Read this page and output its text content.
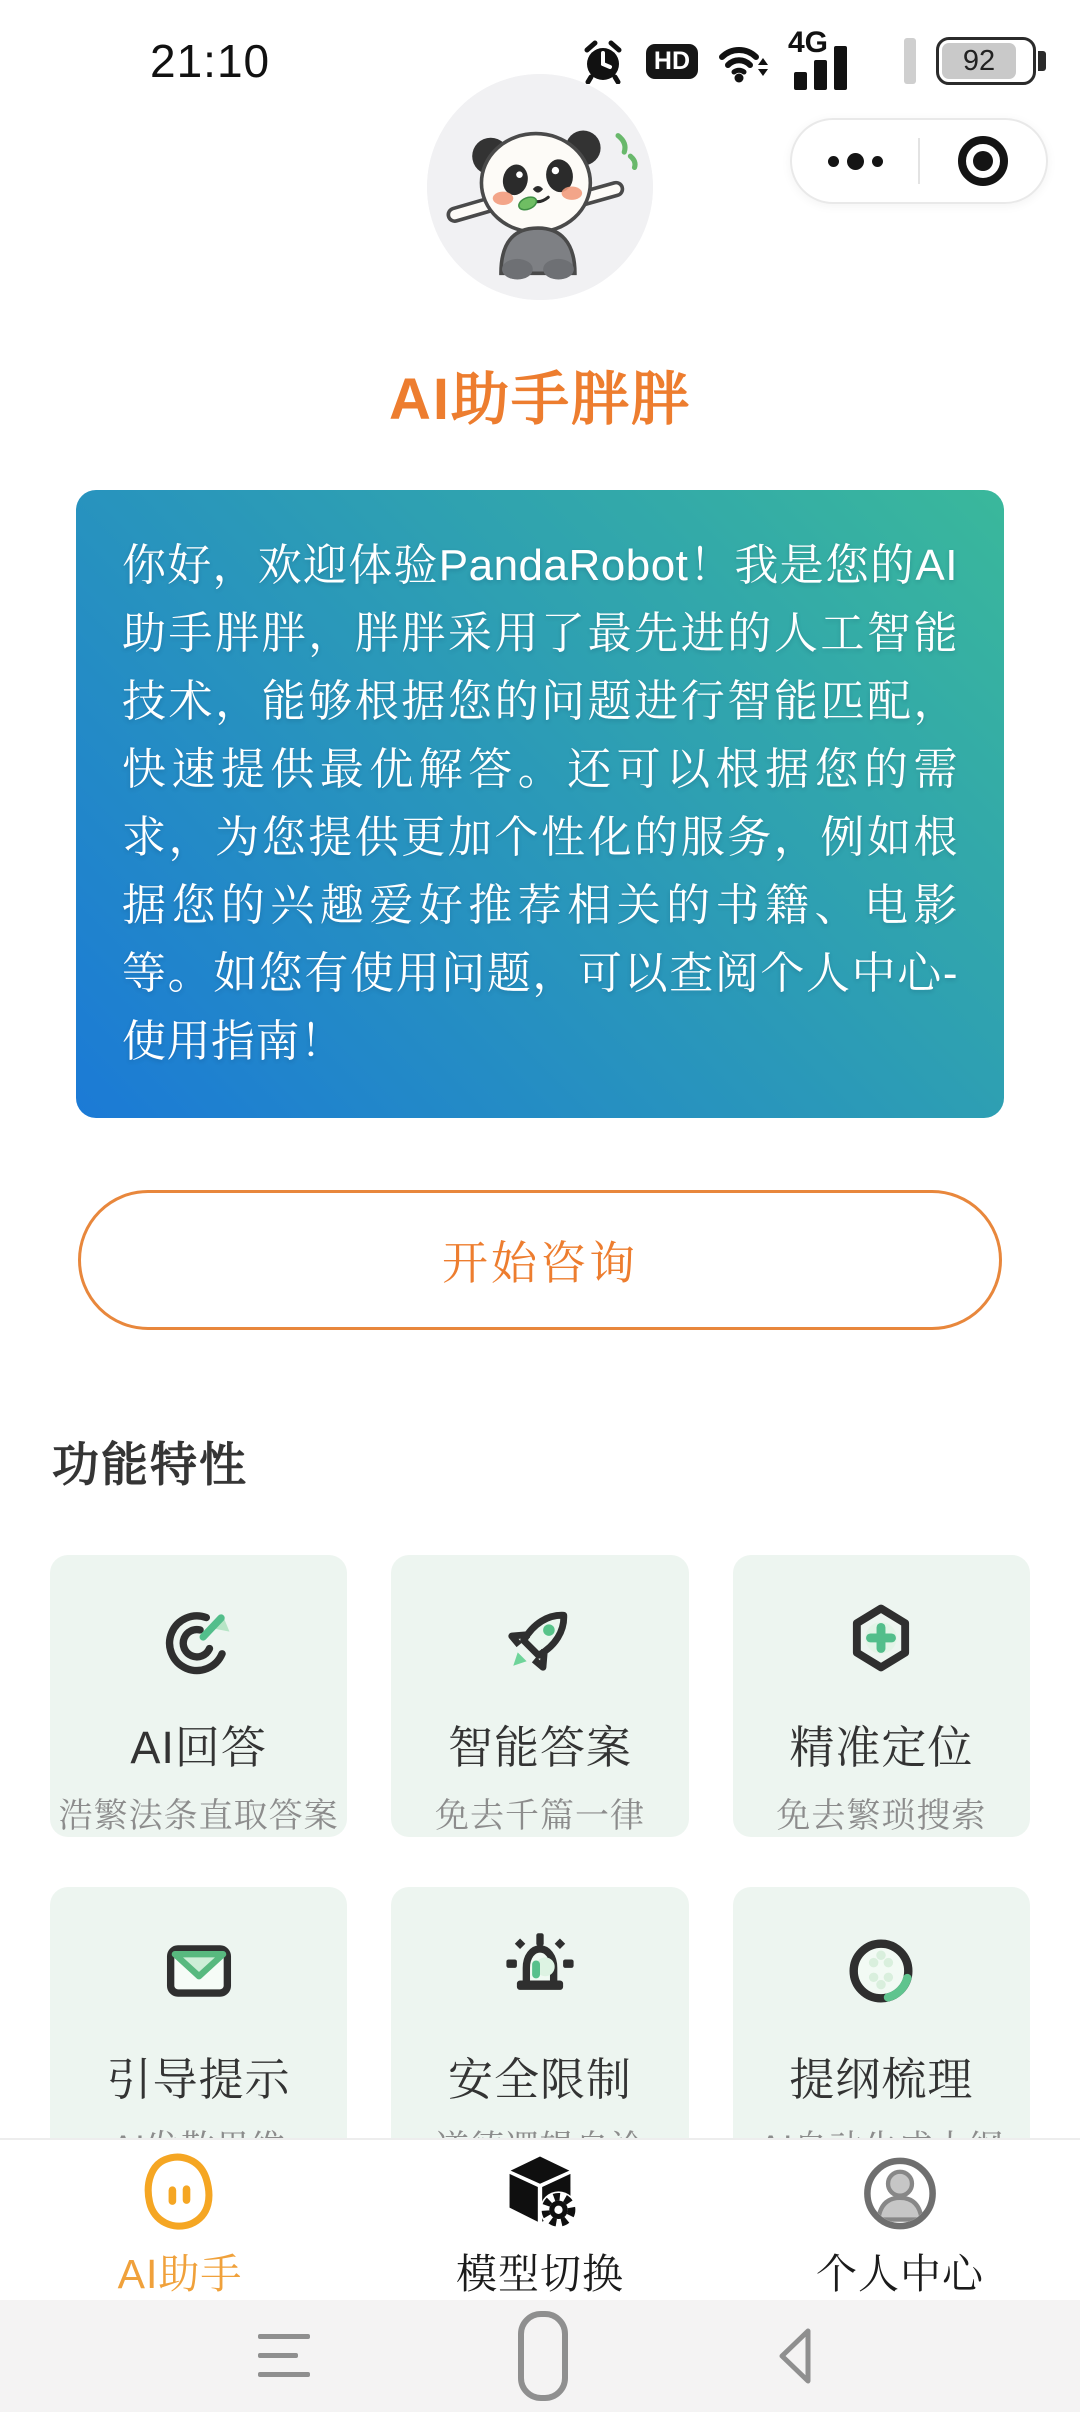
21:10	HD
4G
92
AI助手胖胖
你好，欢迎体验PandaRobot！我是您的AI助手胖胖，胖胖采用了最先进的人工智能技术，能够根据您的问题进行智能匹配，快速提供最优解答。还可以根据您的需求，为您提供更加个性化的服务，例如根据您的兴趣爱好推荐相关的书籍、电影等。如您有使用问题，可以查阅个人中心-使用指南！
开始咨询
功能特性
AI回答
浩繁法条直取答案
智能答案
免去千篇一律
精准定位
免去繁琐搜索
引导提示	安全限制	提纲梳理
AI助手	模型切换	个人中心
